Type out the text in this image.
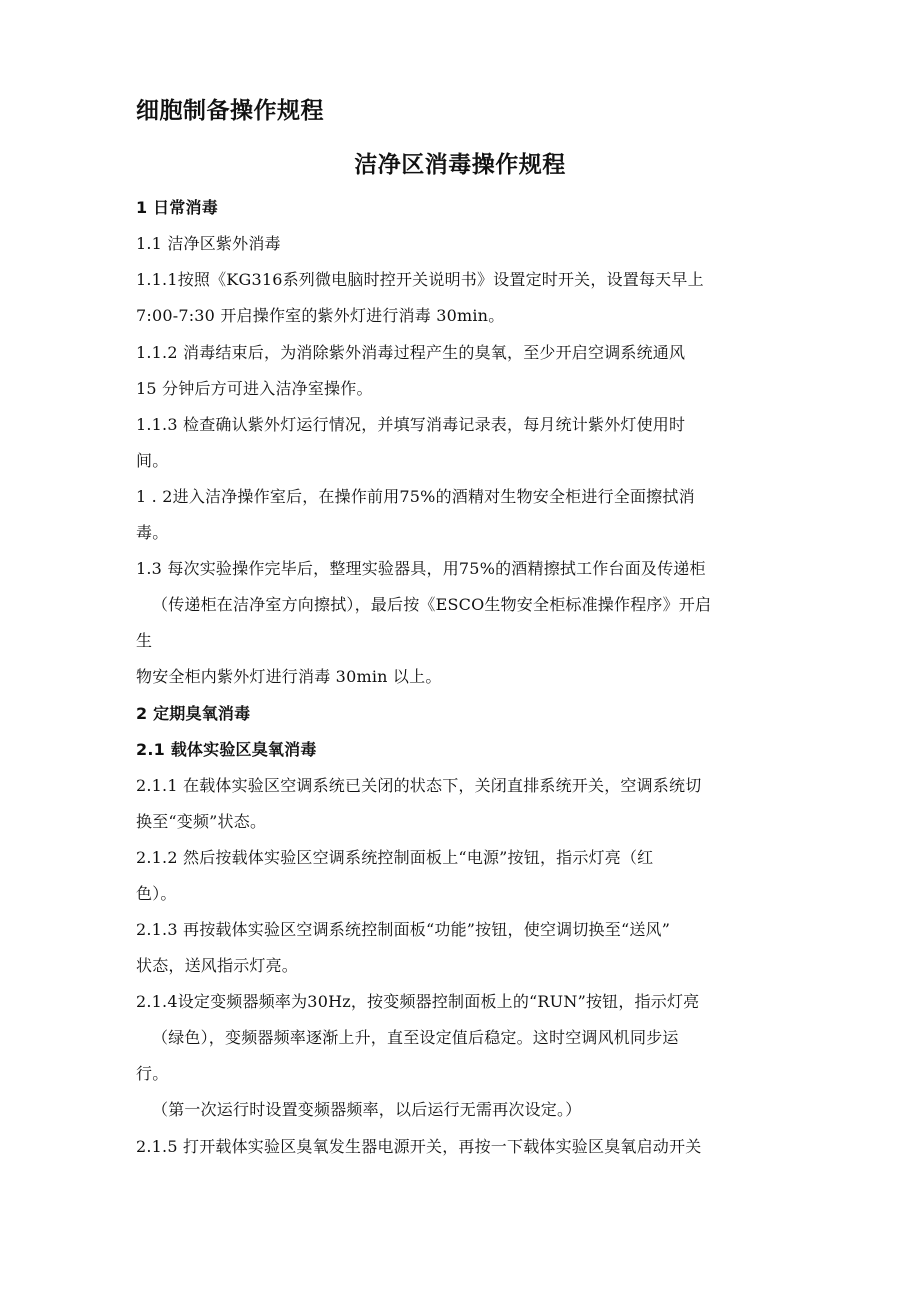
细胞制备操作规程
洁净区消毒操作规程
1 日常消毒
1.1 洁净区紫外消毒
1.1.1按照《KG316系列微电脑时控开关说明书》设置定时开关，设置每天早上
7:00-7:30 开启操作室的紫外灯进行消毒 30min。
1.1.2 消毒结束后，为消除紫外消毒过程产生的臭氧，至少开启空调系统通风
15 分钟后方可进入洁净室操作。
1.1.3 检查确认紫外灯运行情况，并填写消毒记录表，每月统计紫外灯使用时
间。
1 . 2进入洁净操作室后，在操作前用75%的酒精对生物安全柜进行全面擦拭消
毒。
1.3 每次实验操作完毕后，整理实验器具，用75%的酒精擦拭工作台面及传递柜
（传递柜在洁净室方向擦拭），最后按《ESCO生物安全柜标准操作程序》开启
生
物安全柜内紫外灯进行消毒 30min 以上。
2 定期臭氧消毒
2.1 载体实验区臭氧消毒
2.1.1 在载体实验区空调系统已关闭的状态下，关闭直排系统开关，空调系统切
换至“变频”状态。
2.1.2 然后按载体实验区空调系统控制面板上“电源”按钮，指示灯亮（红
色）。
2.1.3 再按载体实验区空调系统控制面板“功能”按钮，使空调切换至“送风”
状态，送风指示灯亮。
2.1.4设定变频器频率为30Hz，按变频器控制面板上的“RUN”按钮，指示灯亮
（绿色），变频器频率逐渐上升，直至设定值后稳定。这时空调风机同步运
行。
（第一次运行时设置变频器频率，以后运行无需再次设定。）
2.1.5 打开载体实验区臭氧发生器电源开关，再按一下载体实验区臭氧启动开关
